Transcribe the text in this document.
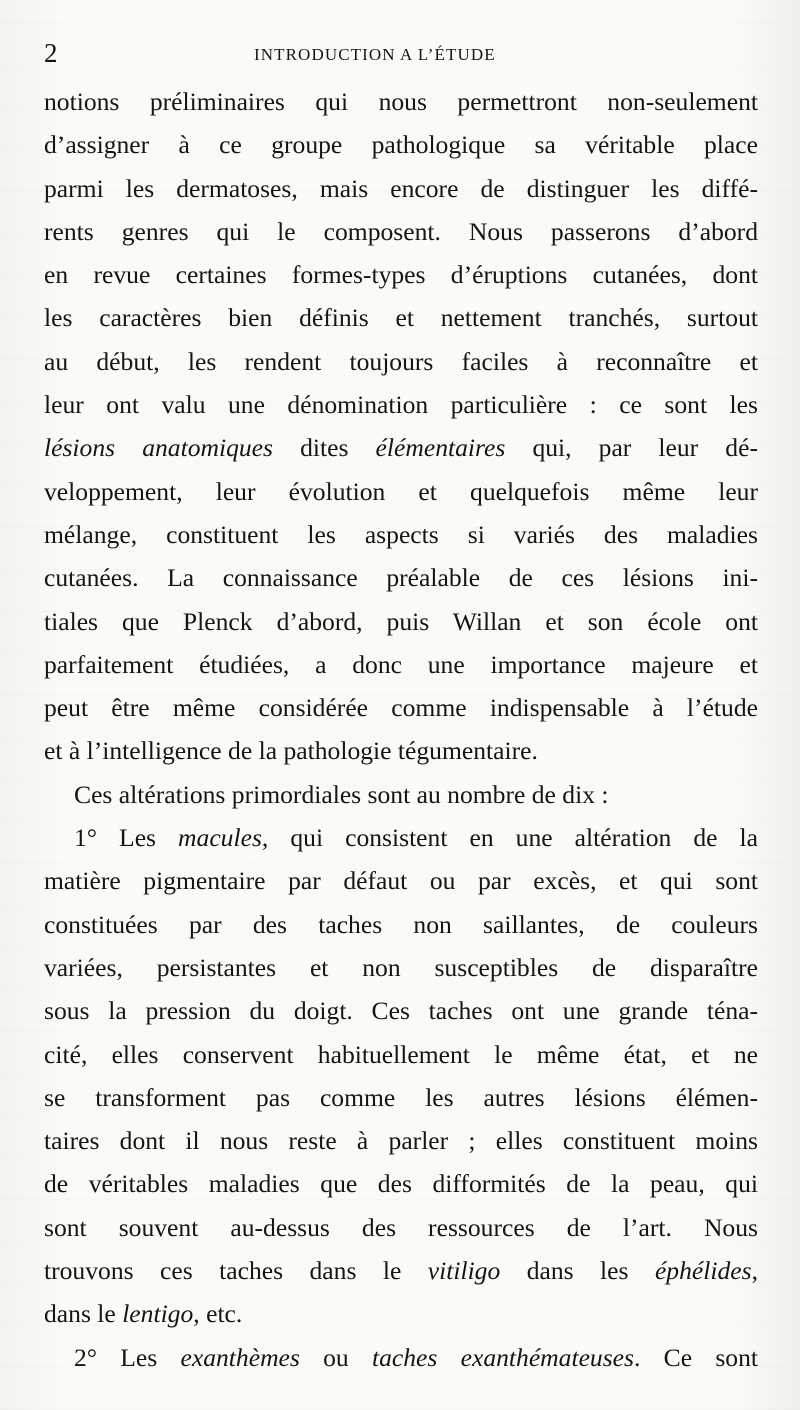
2	INTRODUCTION A L’ÉTUDE
notions préliminaires qui nous permettront non-seulement
d’assigner à ce groupe pathologique sa véritable place
parmi les dermatoses, mais encore de distinguer les diffé-
rents genres qui le composent. Nous passerons d’abord
en revue certaines formes-types d’éruptions cutanées, dont
les caractères bien définis et nettement tranchés, surtout
au début, les rendent toujours faciles à reconnaître et
leur ont valu une dénomination particulière : ce sont les
lésions anatomiques dites élémentaires qui, par leur dé-
veloppement, leur évolution et quelquefois même leur
mélange, constituent les aspects si variés des maladies
cutanées. La connaissance préalable de ces lésions ini-
tiales que Plenck d’abord, puis Willan et son école ont
parfaitement étudiées, a donc une importance majeure et
peut être même considérée comme indispensable à l’étude
et à l’intelligence de la pathologie tégumentaire.
Ces altérations primordiales sont au nombre de dix :
1° Les macules, qui consistent en une altération de la
matière pigmentaire par défaut ou par excès, et qui sont
constituées par des taches non saillantes, de couleurs
variées, persistantes et non susceptibles de disparaître
sous la pression du doigt. Ces taches ont une grande téna-
cité, elles conservent habituellement le même état, et ne
se transforment pas comme les autres lésions élémen-
taires dont il nous reste à parler ; elles constituent moins
de véritables maladies que des difformités de la peau, qui
sont souvent au-dessus des ressources de l’art. Nous
trouvons ces taches dans le vitiligo dans les éphélides,
dans le lentigo, etc.
2° Les exanthèmes ou taches exanthémateuses. Ce sont
